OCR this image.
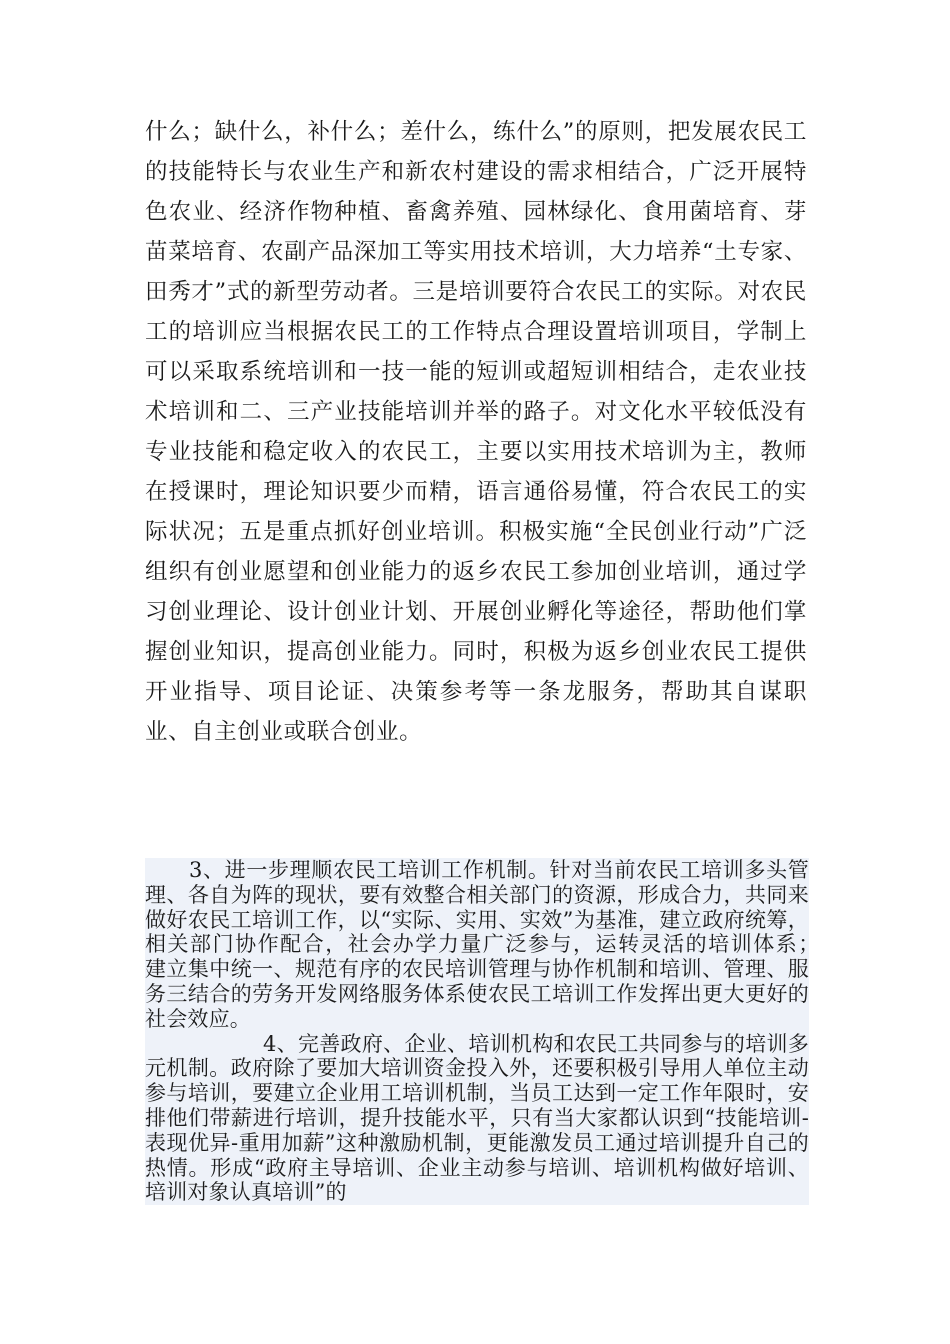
什么；缺什么，补什么；差什么，练什么”的原则，把发展农民工的技能特长与农业生产和新农村建设的需求相结合，广泛开展特色农业、经济作物种植、畜禽养殖、园林绿化、食用菌培育、芽苗菜培育、农副产品深加工等实用技术培训，大力培养“土专家、田秀才”式的新型劳动者。三是培训要符合农民工的实际。对农民工的培训应当根据农民工的工作特点合理设置培训项目，学制上可以采取系统培训和一技一能的短训或超短训相结合，走农业技术培训和二、三产业技能培训并举的路子。对文化水平较低没有专业技能和稳定收入的农民工，主要以实用技术培训为主，教师在授课时，理论知识要少而精，语言通俗易懂，符合农民工的实际状况；五是重点抓好创业培训。积极实施“全民创业行动”广泛组织有创业愿望和创业能力的返乡农民工参加创业培训，通过学习创业理论、设计创业计划、开展创业孵化等途径，帮助他们掌握创业知识，提高创业能力。同时，积极为返乡创业农民工提供开业指导、项目论证、决策参考等一条龙服务，帮助其自谋职业、自主创业或联合创业。

3、进一步理顺农民工培训工作机制。针对当前农民工培训多头管理、各自为阵的现状，要有效整合相关部门的资源，形成合力，共同来做好农民工培训工作，以“实际、实用、实效”为基准，建立政府统筹，相关部门协作配合，社会办学力量广泛参与，运转灵活的培训体系；　建立集中统一、规范有序的农民培训管理与协作机制和培训、管理、服务三结合的劳务开发网络服务体系使农民工培训工作发挥出更大更好的社会效应。

4、完善政府、企业、培训机构和农民工共同参与的培训多元机制。政府除了要加大培训资金投入外，还要积极引导用人单位主动参与培训，要建立企业用工培训机制，当员工达到一定工作年限时，安排他们带薪进行培训，提升技能水平，只有当大家都认识到“技能培训-表现优异-重用加薪”这种激励机制，更能激发员工通过培训提升自己的热情。形成“政府主导培训、企业主动参与培训、培训机构做好培训、培训对象认真培训”的
